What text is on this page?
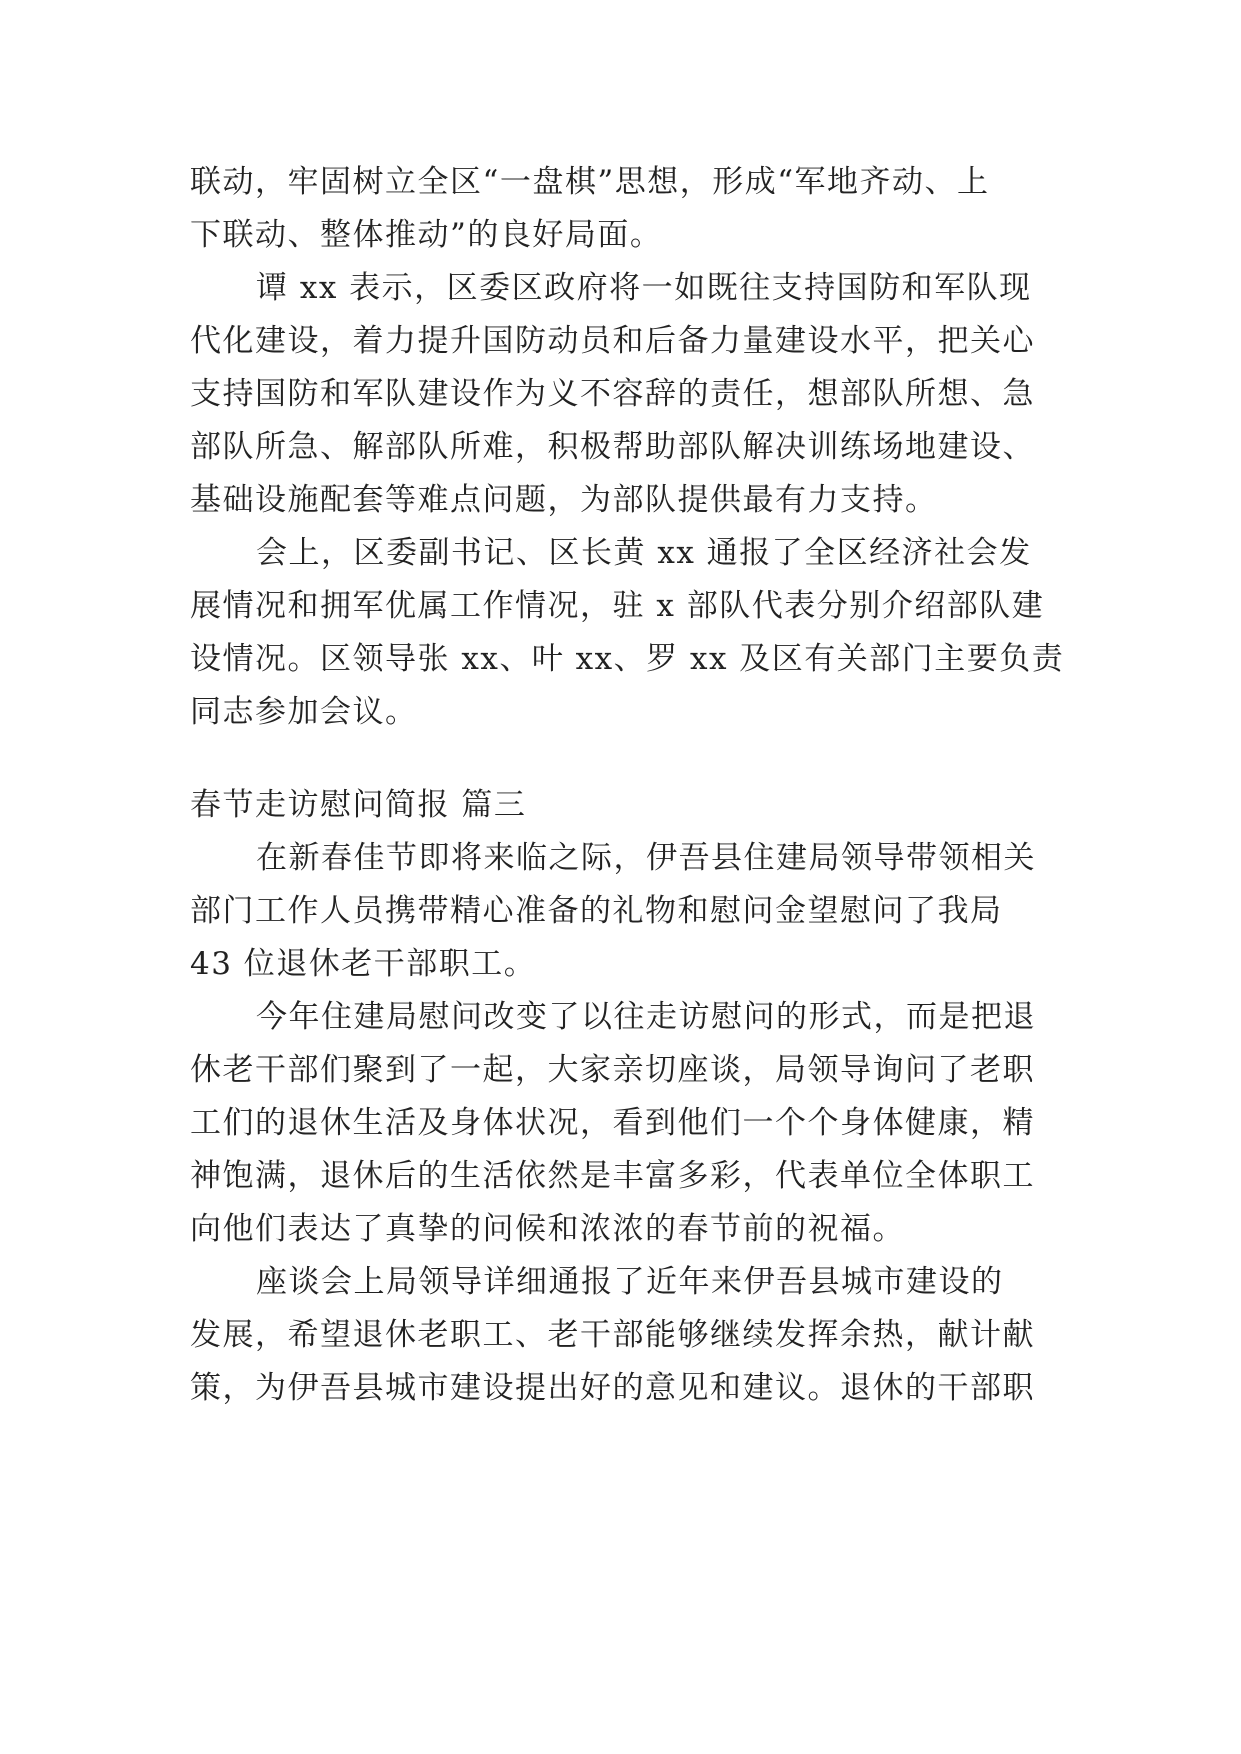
联动，牢固树立全区“一盘棋”思想，形成“军地齐动、上
下联动、整体推动”的良好局面。
谭 xx 表示，区委区政府将一如既往支持国防和军队现
代化建设，着力提升国防动员和后备力量建设水平，把关心
支持国防和军队建设作为义不容辞的责任，想部队所想、急
部队所急、解部队所难，积极帮助部队解决训练场地建设、
基础设施配套等难点问题，为部队提供最有力支持。
会上，区委副书记、区长黄 xx 通报了全区经济社会发
展情况和拥军优属工作情况，驻 x 部队代表分别介绍部队建
设情况。区领导张 xx、叶 xx、罗 xx 及区有关部门主要负责
同志参加会议。
春节走访慰问简报 篇三
在新春佳节即将来临之际，伊吾县住建局领导带领相关
部门工作人员携带精心准备的礼物和慰问金望慰问了我局
43 位退休老干部职工。
今年住建局慰问改变了以往走访慰问的形式，而是把退
休老干部们聚到了一起，大家亲切座谈，局领导询问了老职
工们的退休生活及身体状况，看到他们一个个身体健康，精
神饱满，退休后的生活依然是丰富多彩，代表单位全体职工
向他们表达了真挚的问候和浓浓的春节前的祝福。
座谈会上局领导详细通报了近年来伊吾县城市建设的
发展，希望退休老职工、老干部能够继续发挥余热，献计献
策，为伊吾县城市建设提出好的意见和建议。退休的干部职
